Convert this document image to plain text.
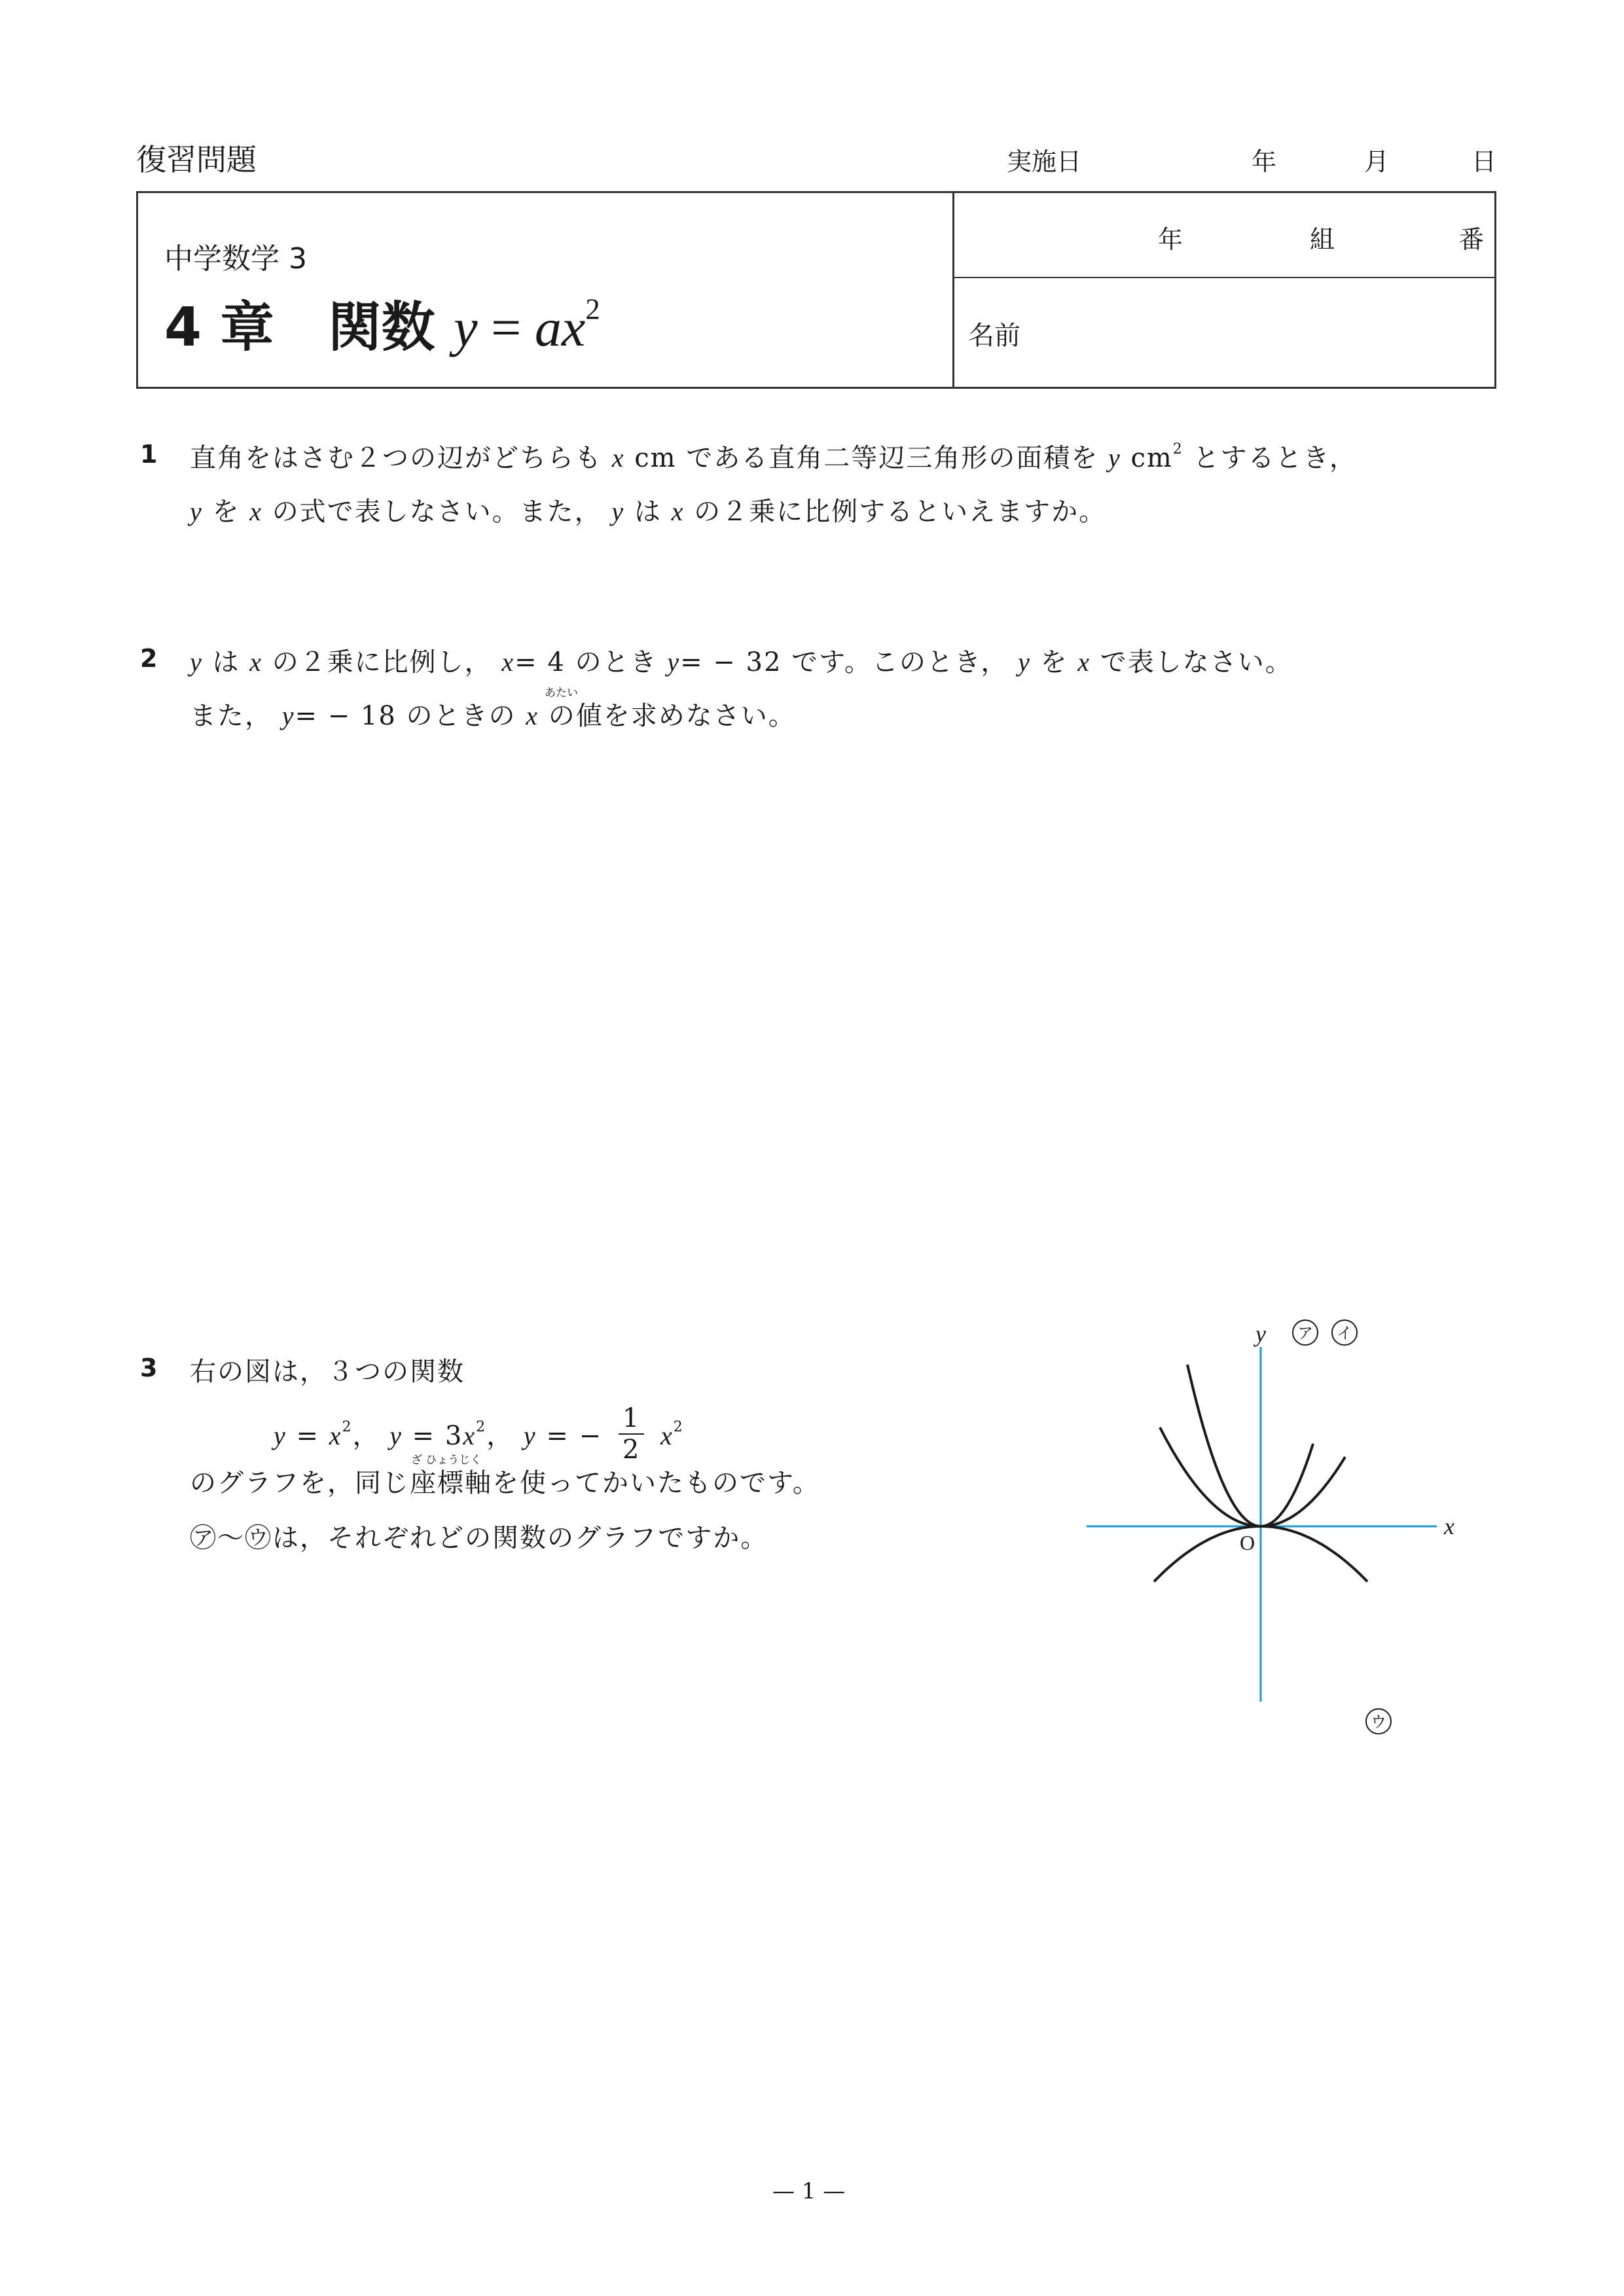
復習問題	実施日	年	月	日
中学数学 3
4 章　関数 $y = ax^2$
年	組	番
名前
1 直角をはさむ２つの辺がどちらも x cm である直角二等辺三角形の面積を y $cm^2$ とするとき，
y を x の式で表しなさい。また， y は x の２乗に比例するといえますか。
2 y は x の２乗に比例し， x= 4 のとき y= − 32 です。このとき， y を x で表しなさい。
また， y= − 18 のときの x の値を求めなさい。
あたい
3 右の図は，３つの関数
$y = x^2$， $y = 3x^2$， y = − $\frac{1}{2} x^2$
のグラフを，同じ座標軸を使ってかいたものです。
ざ ひょうじく
㋐〜㋒は，それぞれどの関数のグラフですか。
y
x
O
ア イ
ウ
— 1 —
